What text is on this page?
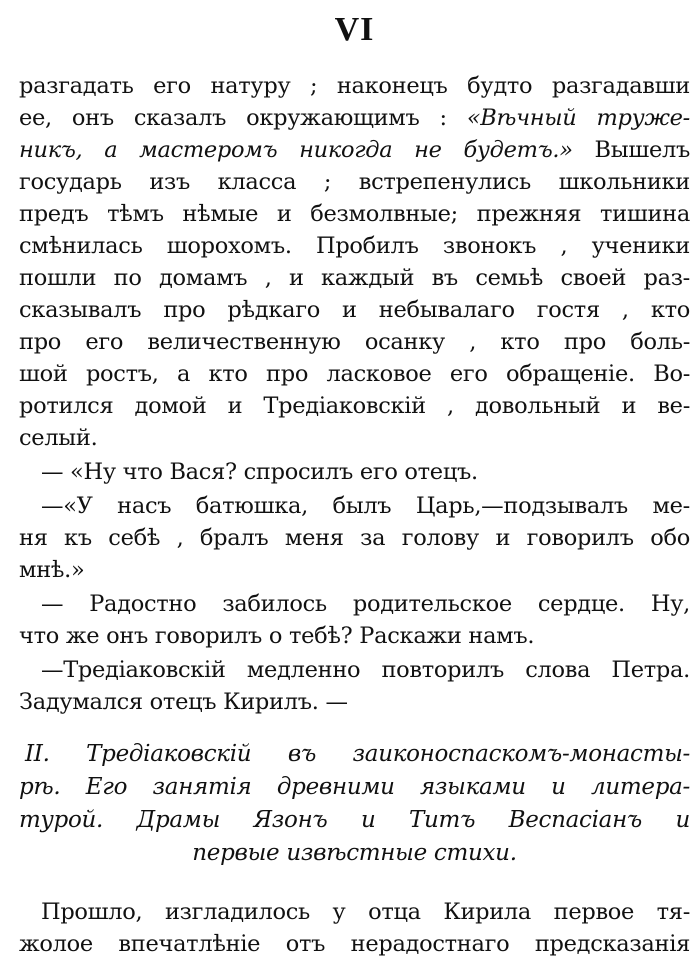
VI

разгадать его натуру ; наконецъ будто разгадавши

ее, онъ сказалъ окружающимъ : «Вѣчный труже-

никъ, а мастеромъ никогда не будетъ.» Вышелъ

государь изъ класса ; встрепенулись школьники

предъ тѣмъ нѣмые и безмолвные; прежняя тишина

смѣнилась шорохомъ. Пробилъ звонокъ , ученики

пошли по домамъ , и каждый въ семьѣ своей раз-

сказывалъ про рѣдкаго и небывалаго гостя , кто

про его величественную осанку , кто про боль-

шой ростъ, а кто про ласковое его обращеніе. Во-

ротился домой и Тредіаковскій , довольный и ве-

селый.

— «Ну что Вася? спросилъ его отецъ.

—«У насъ батюшка, былъ Царь,—подзывалъ ме-

ня къ себѣ , бралъ меня за голову и говорилъ обо

мнѣ.»

— Радостно забилось родительское сердце. Ну,

что же онъ говорилъ о тебѣ? Раскажи намъ.

—Тредіаковскій медленно повторилъ слова Петра.

Задумался отецъ Кирилъ. —

II. Тредіаковскій въ заиконоспаскомъ-монасты-

рѣ. Его занятія древними языками и литера-

турой. Драмы Язонъ и Титъ Веспасіанъ и

первые извѣстные стихи.

Прошло, изгладилось у отца Кирила первое тя-

жолое впечатлѣніе отъ нерадостнаго предсказанія
